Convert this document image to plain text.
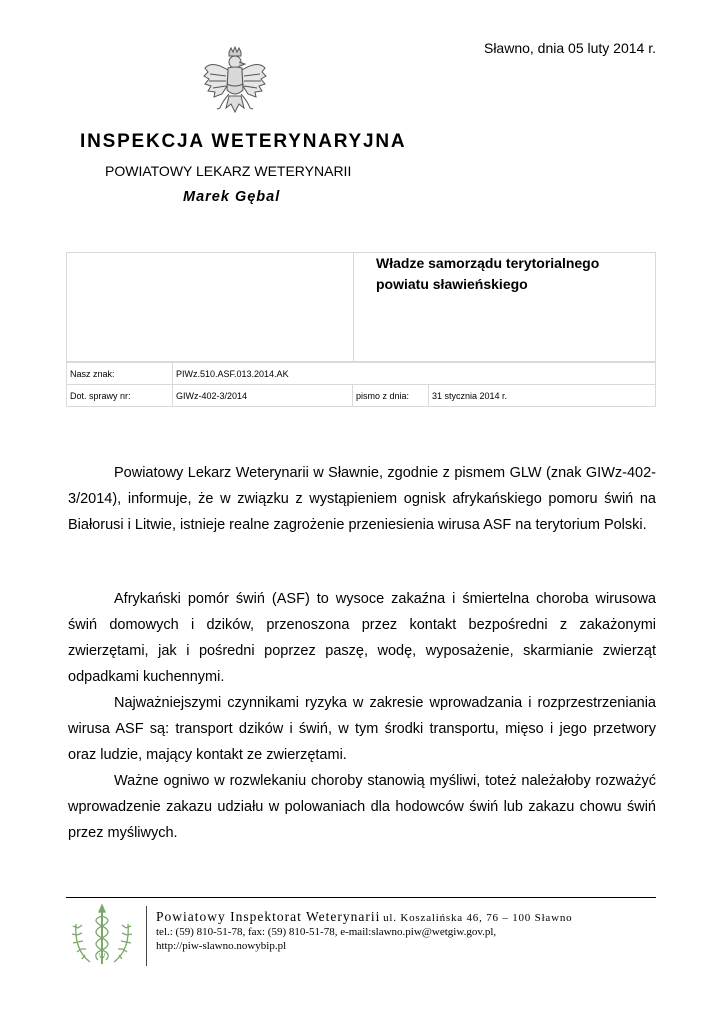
Sławno, dnia 05 luty 2014 r.
INSPEKCJA WETERYNARYJNA
POWIATOWY LEKARZ WETERYNARII
Marek Gębal
Władze samorządu terytorialnego
powiatu sławieńskiego
Nasz znak:	PIWz.510.ASF.013.2014.AK		
Dot. sprawy nr:	GIWz-402-3/2014	pismo z dnia:	31 stycznia 2014 r.

Powiatowy Lekarz Weterynarii w Sławnie, zgodnie z pismem GLW (znak GIWz-402-3/2014), informuje, że w związku z wystąpieniem ognisk afrykańskiego pomoru świń na Białorusi i Litwie, istnieje realne zagrożenie przeniesienia wirusa ASF na terytorium Polski.

Afrykański pomór świń (ASF) to wysoce zakaźna i śmiertelna choroba wirusowa świń domowych i dzików, przenoszona przez kontakt bezpośredni z zakażonymi zwierzętami, jak i pośredni poprzez paszę, wodę, wyposażenie, skarmianie zwierząt odpadkami kuchennymi.

Najważniejszymi czynnikami ryzyka w zakresie wprowadzania i rozprzestrzeniania wirusa ASF są: transport dzików i świń, w tym środki transportu, mięso i jego przetwory oraz ludzie, mający kontakt ze zwierzętami.

Ważne ogniwo w rozwlekaniu choroby stanowią myśliwi, toteż należałoby rozważyć wprowadzenie zakazu udziału w polowaniach dla hodowców świń lub zakazu chowu świń przez myśliwych.

W
Powiatowy Inspektorat Weterynarii ul. Koszalińska 46, 76 – 100 Sławno
tel.: (59) 810-51-78, fax: (59) 810-51-78, e-mail:slawno.piw@wetgiw.gov.pl,
http://piw-slawno.nowybip.pl
